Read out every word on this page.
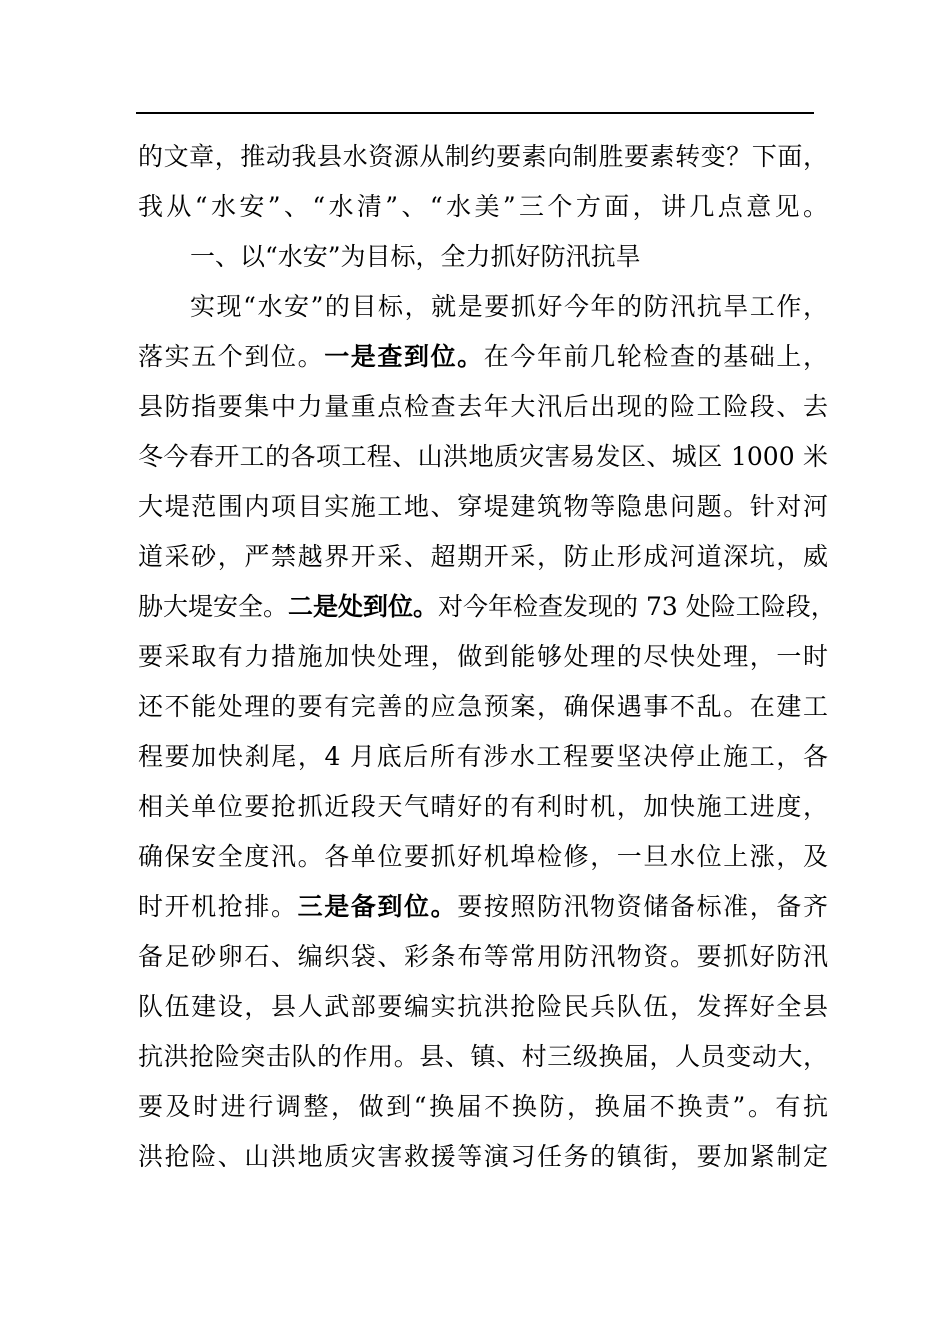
的文章，推动我县水资源从制约要素向制胜要素转变？下面，
我从“水安”、“水清”、“水美”三个方面，讲几点意见。
一、以“水安”为目标，全力抓好防汛抗旱
实现“水安”的目标，就是要抓好今年的防汛抗旱工作，
落实五个到位。一是查到位。在今年前几轮检查的基础上，
县防指要集中力量重点检查去年大汛后出现的险工险段、去
冬今春开工的各项工程、山洪地质灾害易发区、城区 1000 米
大堤范围内项目实施工地、穿堤建筑物等隐患问题。针对河
道采砂，严禁越界开采、超期开采，防止形成河道深坑，威
胁大堤安全。二是处到位。对今年检查发现的 73 处险工险段，
要采取有力措施加快处理，做到能够处理的尽快处理，一时
还不能处理的要有完善的应急预案，确保遇事不乱。在建工
程要加快刹尾，4 月底后所有涉水工程要坚决停止施工，各
相关单位要抢抓近段天气晴好的有利时机，加快施工进度，
确保安全度汛。各单位要抓好机埠检修，一旦水位上涨，及
时开机抢排。三是备到位。要按照防汛物资储备标准，备齐
备足砂卵石、编织袋、彩条布等常用防汛物资。要抓好防汛
队伍建设，县人武部要编实抗洪抢险民兵队伍，发挥好全县
抗洪抢险突击队的作用。县、镇、村三级换届，人员变动大，
要及时进行调整，做到“换届不换防，换届不换责”。有抗
洪抢险、山洪地质灾害救援等演习任务的镇街，要加紧制定
